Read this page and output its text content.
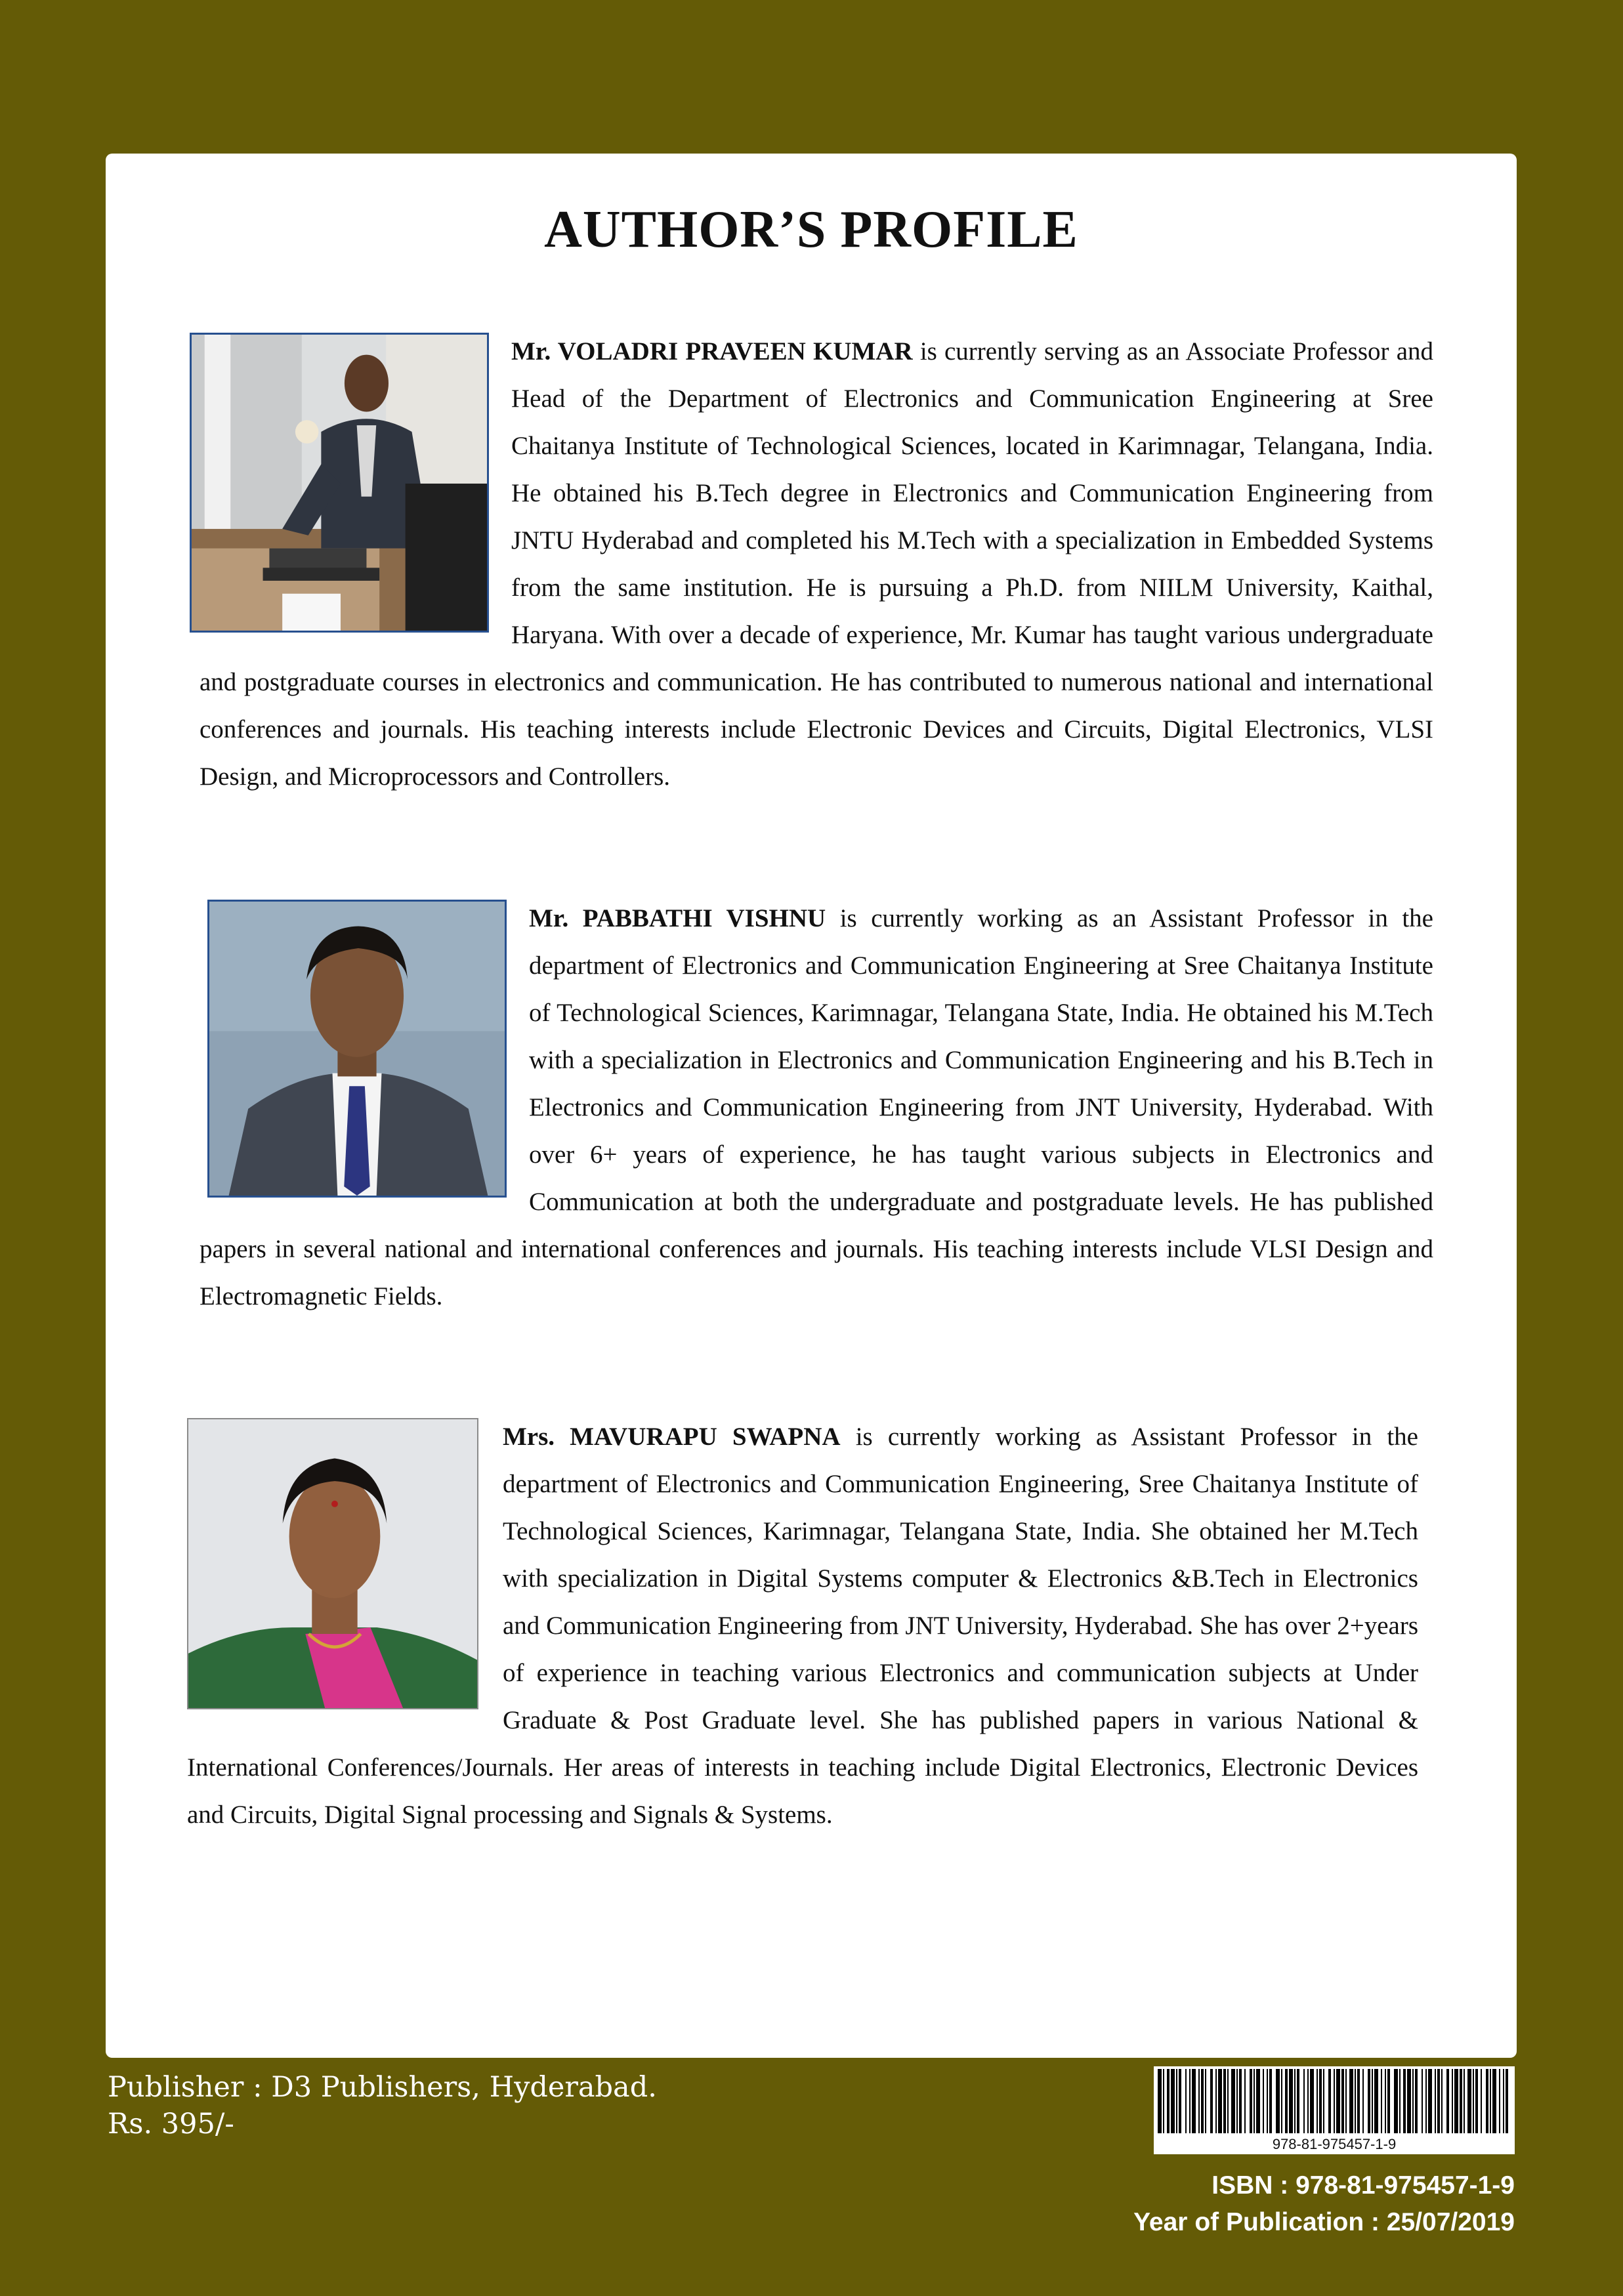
AUTHOR’S PROFILE

Mr. VOLADRI PRAVEEN KUMAR is currently serving as an Associate Professor and Head of the Department of Electronics and Communication Engineering at Sree Chaitanya Institute of Technological Sciences, located in Karimnagar, Telangana, India. He obtained his B.Tech degree in Electronics and Communication Engineering from JNTU Hyderabad and completed his M.Tech with a specialization in Embedded Systems from the same institution. He is pursuing a Ph.D. from NIILM University, Kaithal, Haryana. With over a decade of experience, Mr. Kumar has taught various undergraduate and postgraduate courses in electronics and communication. He has contributed to numerous national and international conferences and journals. His teaching interests include Electronic Devices and Circuits, Digital Electronics, VLSI Design, and Microprocessors and Controllers.

Mr. PABBATHI VISHNU is currently working as an Assistant Professor in the department of Electronics and Communication Engineering at Sree Chaitanya Institute of Technological Sciences, Karimnagar, Telangana State, India. He obtained his M.Tech with a specialization in Electronics and Communication Engineering and his B.Tech in Electronics and Communication Engineering from JNT University, Hyderabad. With over 6+ years of experience, he has taught various subjects in Electronics and Communication at both the undergraduate and postgraduate levels. He has published papers in several national and international conferences and journals. His teaching interests include VLSI Design and Electromagnetic Fields.

Mrs. MAVURAPU SWAPNA is currently working as Assistant Professor in the department of Electronics and Communication Engineering, Sree Chaitanya Institute of Technological Sciences, Karimnagar, Telangana State, India. She obtained her M.Tech with specialization in Digital Systems computer & Electronics &B.Tech in Electronics and Communication Engineering from JNT University, Hyderabad. She has over 2+years of experience in teaching various Electronics and communication subjects at Under Graduate & Post Graduate level. She has published papers in various National & International Conferences/Journals. Her areas of interests in teaching include Digital Electronics, Electronic Devices and Circuits, Digital Signal processing and Signals & Systems.

Publisher : D3 Publishers, Hyderabad.
Rs. 395/-
978-81-975457-1-9
ISBN : 978-81-975457-1-9
Year of Publication : 25/07/2019
